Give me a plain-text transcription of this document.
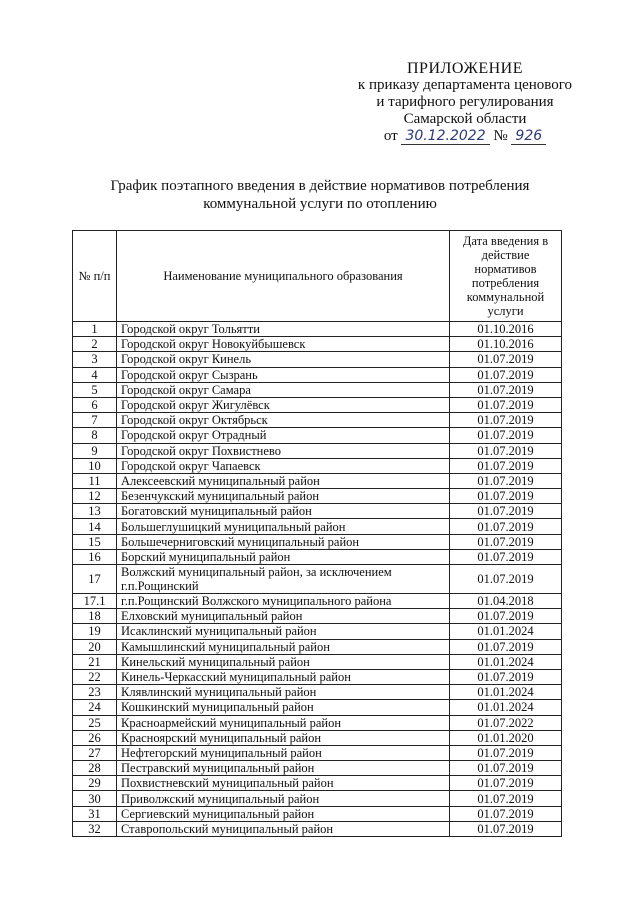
ПРИЛОЖЕНИЕ
к приказу департамента ценового
и тарифного регулирования
Самарской области
от 30.12.2022 № 926
График поэтапного введения в действие нормативов потребления
коммунальной услуги по отоплению
№ п/п	Наименование муниципального образования	Дата введения в действие нормативов потребления коммунальной услуги
1	Городской округ Тольятти	01.10.2016
2	Городской округ Новокуйбышевск	01.10.2016
3	Городской округ Кинель	01.07.2019
4	Городской округ Сызрань	01.07.2019
5	Городской округ Самара	01.07.2019
6	Городской округ Жигулёвск	01.07.2019
7	Городской округ Октябрьск	01.07.2019
8	Городской округ Отрадный	01.07.2019
9	Городской округ Похвистнево	01.07.2019
10	Городской округ Чапаевск	01.07.2019
11	Алексеевский муниципальный район	01.07.2019
12	Безенчукский муниципальный район	01.07.2019
13	Богатовский муниципальный район	01.07.2019
14	Большеглушицкий муниципальный район	01.07.2019
15	Большечерниговский муниципальный район	01.07.2019
16	Борский муниципальный район	01.07.2019
17	Волжский муниципальный район, за исключением г.п.Рощинский	01.07.2019
17.1	г.п.Рощинский Волжского муниципального района	01.04.2018
18	Елховский муниципальный район	01.07.2019
19	Исаклинский муниципальный район	01.01.2024
20	Камышлинский муниципальный район	01.07.2019
21	Кинельский муниципальный район	01.01.2024
22	Кинель-Черкасский муниципальный район	01.07.2019
23	Клявлинский муниципальный район	01.01.2024
24	Кошкинский муниципальный район	01.01.2024
25	Красноармейский муниципальный район	01.07.2022
26	Красноярский муниципальный район	01.01.2020
27	Нефтегорский муниципальный район	01.07.2019
28	Пестравский муниципальный район	01.07.2019
29	Похвистневский муниципальный район	01.07.2019
30	Приволжский муниципальный район	01.07.2019
31	Сергиевский муниципальный район	01.07.2019
32	Ставропольский муниципальный район	01.07.2019
